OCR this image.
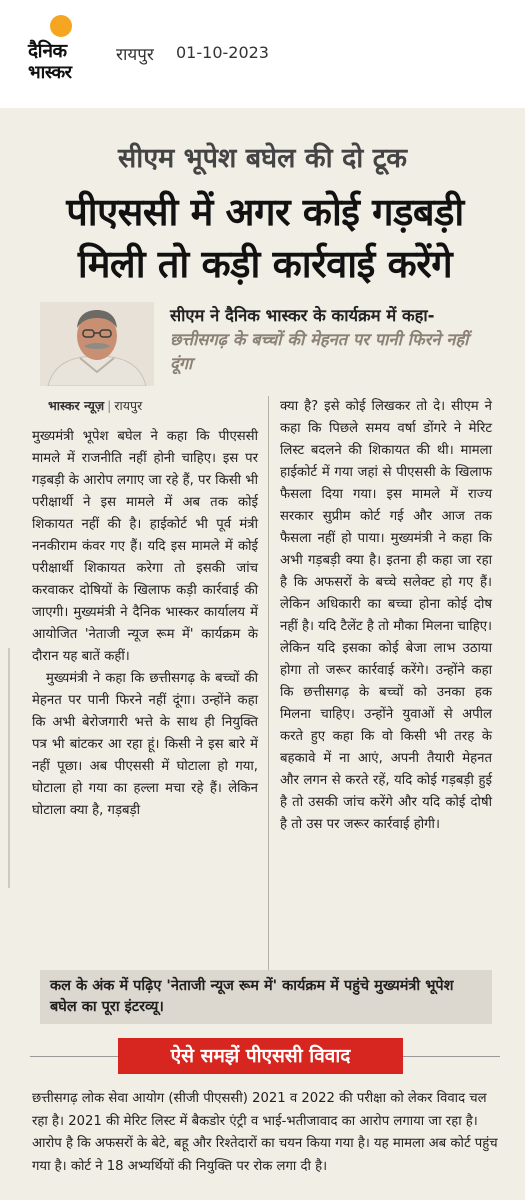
दैनिक
भास्कर
रायपुर 01-10-2023
सीएम भूपेश बघेल की दो टूक
पीएससी में अगर कोई गड़बड़ी
मिली तो कड़ी कार्रवाई करेंगे
सीएम ने दैनिक भास्कर के कार्यक्रम में कहा- छत्तीसगढ़ के बच्चों की मेहनत पर पानी फिरने नहीं दूंगा
भास्कर न्यूज़ | रायपुर

मुख्यमंत्री भूपेश बघेल ने कहा कि पीएससी मामले में राजनीति नहीं होनी चाहिए। इस पर गड़बड़ी के आरोप लगाए जा रहे हैं, पर किसी भी परीक्षार्थी ने इस मामले में अब तक कोई शिकायत नहीं की है। हाईकोर्ट भी पूर्व मंत्री ननकीराम कंवर गए हैं। यदि इस मामले में कोई परीक्षार्थी शिकायत करेगा तो इसकी जांच करवाकर दोषियों के खिलाफ कड़ी कार्रवाई की जाएगी। मुख्यमंत्री ने दैनिक भास्कर कार्यालय में आयोजित 'नेताजी न्यूज रूम में' कार्यक्रम के दौरान यह बातें कहीं।

मुख्यमंत्री ने कहा कि छत्तीसगढ़ के बच्चों की मेहनत पर पानी फिरने नहीं दूंगा। उन्होंने कहा कि अभी बेरोजगारी भत्ते के साथ ही नियुक्ति पत्र भी बांटकर आ रहा हूं। किसी ने इस बारे में नहीं पूछा। अब पीएससी में घोटाला हो गया, घोटाला हो गया का हल्ला मचा रहे हैं। लेकिन घोटाला क्या है, गड़बड़ी

क्या है? इसे कोई लिखकर तो दे। सीएम ने कहा कि पिछले समय वर्षा डोंगरे ने मेरिट लिस्ट बदलने की शिकायत की थी। मामला हाईकोर्ट में गया जहां से पीएससी के खिलाफ फैसला दिया गया। इस मामले में राज्य सरकार सुप्रीम कोर्ट गई और आज तक फैसला नहीं हो पाया। मुख्यमंत्री ने कहा कि अभी गड़बड़ी क्या है। इतना ही कहा जा रहा है कि अफसरों के बच्चे सलेक्ट हो गए हैं। लेकिन अधिकारी का बच्चा होना कोई दोष नहीं है। यदि टैलेंट है तो मौका मिलना चाहिए। लेकिन यदि इसका कोई बेजा लाभ उठाया होगा तो जरूर कार्रवाई करेंगे। उन्होंने कहा कि छत्तीसगढ़ के बच्चों को उनका हक मिलना चाहिए। उन्होंने युवाओं से अपील करते हुए कहा कि वो किसी भी तरह के बहकावे में ना आएं, अपनी तैयारी मेहनत और लगन से करते रहें, यदि कोई गड़बड़ी हुई है तो उसकी जांच करेंगे और यदि कोई दोषी है तो उस पर जरूर कार्रवाई होगी।

कल के अंक में पढ़िए 'नेताजी न्यूज रूम में' कार्यक्रम में पहुंचे मुख्यमंत्री भूपेश बघेल का पूरा इंटरव्यू।
ऐसे समझें पीएससी विवाद
छत्तीसगढ़ लोक सेवा आयोग (सीजी पीएससी) 2021 व 2022 की परीक्षा को लेकर विवाद चल रहा है। 2021 की मेरिट लिस्ट में बैकडोर एंट्री व भाई-भतीजावाद का आरोप लगाया जा रहा है। आरोप है कि अफसरों के बेटे, बहू और रिश्तेदारों का चयन किया गया है। यह मामला अब कोर्ट पहुंच गया है। कोर्ट ने 18 अभ्यर्थियों की नियुक्ति पर रोक लगा दी है।
